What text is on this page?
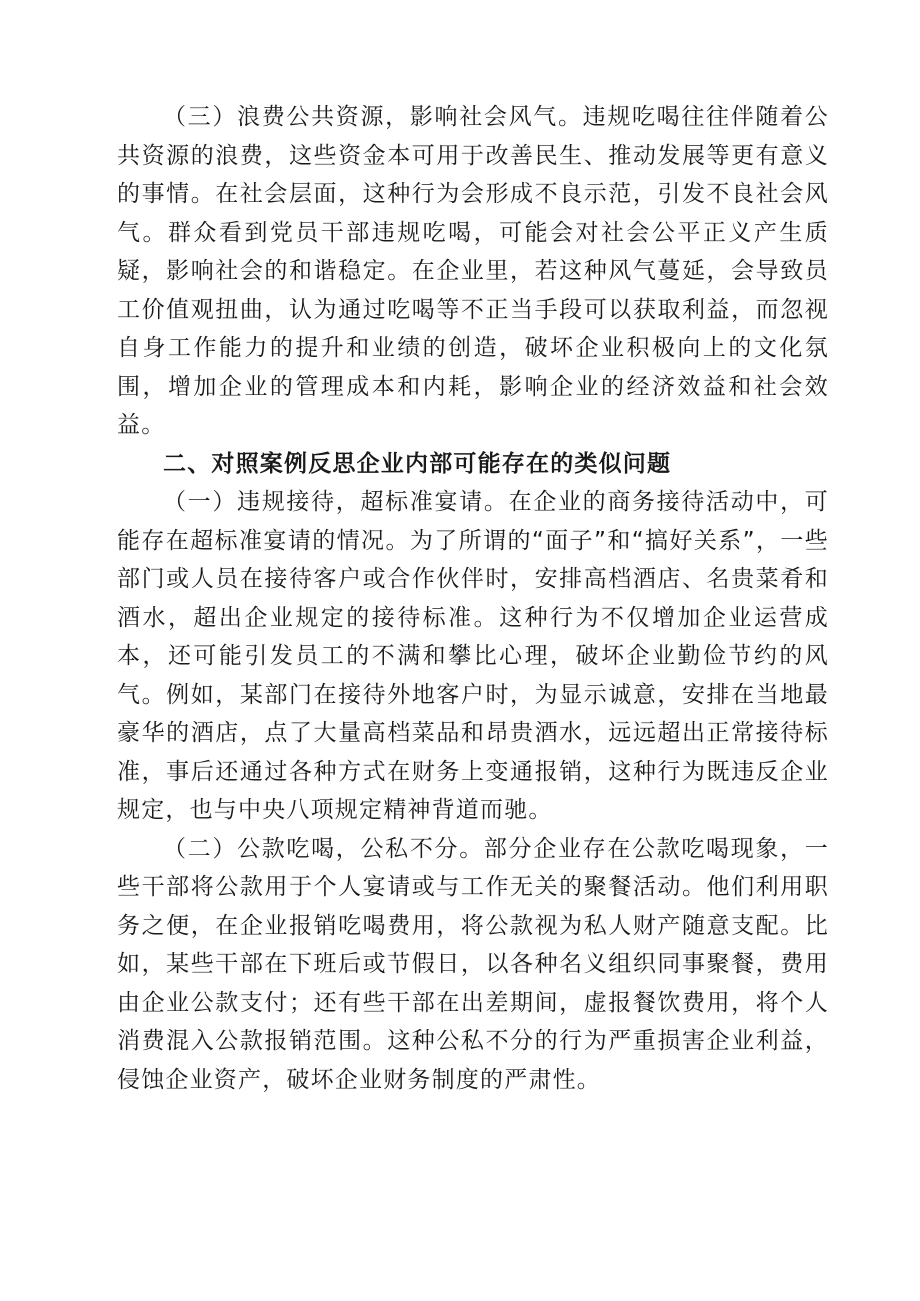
（三）浪费公共资源，影响社会风气。违规吃喝往往伴随着公共资源的浪费，这些资金本可用于改善民生、推动发展等更有意义的事情。在社会层面，这种行为会形成不良示范，引发不良社会风气。群众看到党员干部违规吃喝，可能会对社会公平正义产生质疑，影响社会的和谐稳定。在企业里，若这种风气蔓延，会导致员工价值观扭曲，认为通过吃喝等不正当手段可以获取利益，而忽视自身工作能力的提升和业绩的创造，破坏企业积极向上的文化氛围，增加企业的管理成本和内耗，影响企业的经济效益和社会效益。

二、对照案例反思企业内部可能存在的类似问题

（一）违规接待，超标准宴请。在企业的商务接待活动中，可能存在超标准宴请的情况。为了所谓的“面子”和“搞好关系”，一些部门或人员在接待客户或合作伙伴时，安排高档酒店、名贵菜肴和酒水，超出企业规定的接待标准。这种行为不仅增加企业运营成本，还可能引发员工的不满和攀比心理，破坏企业勤俭节约的风气。例如，某部门在接待外地客户时，为显示诚意，安排在当地最豪华的酒店，点了大量高档菜品和昂贵酒水，远远超出正常接待标准，事后还通过各种方式在财务上变通报销，这种行为既违反企业规定，也与中央八项规定精神背道而驰。

（二）公款吃喝，公私不分。部分企业存在公款吃喝现象，一些干部将公款用于个人宴请或与工作无关的聚餐活动。他们利用职务之便，在企业报销吃喝费用，将公款视为私人财产随意支配。比如，某些干部在下班后或节假日，以各种名义组织同事聚餐，费用由企业公款支付；还有些干部在出差期间，虚报餐饮费用，将个人消费混入公款报销范围。这种公私不分的行为严重损害企业利益，侵蚀企业资产，破坏企业财务制度的严肃性。
